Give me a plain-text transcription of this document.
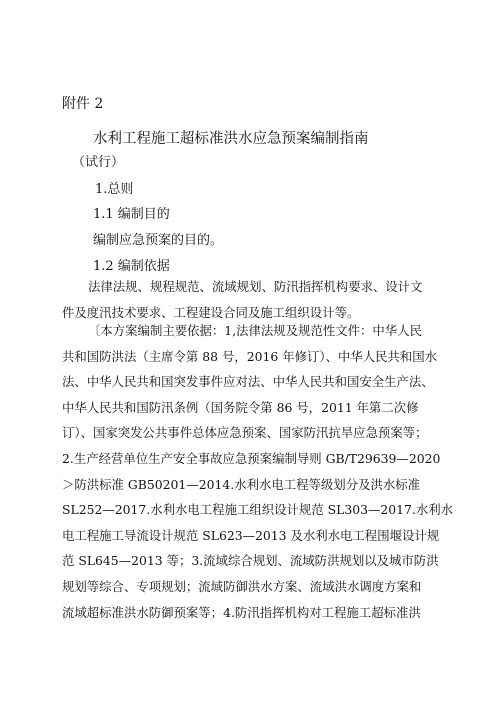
附件 2
水利工程施工超标准洪水应急预案编制指南
（试行）
1.总则
1.1 编制目的
编制应急预案的目的。
1.2 编制依据
法律法规、规程规范、流域规划、防汛指挥机构要求、设计文
件及度汛技术要求、工程建设合同及施工组织设计等。
〔本方案编制主要依据：1,法律法规及规范性文件：中华人民
共和国防洪法（主席令第 88 号，2016 年修订）、中华人民共和国水
法、中华人民共和国突发事件应对法、中华人民共和国安全生产法、
中华人民共和国防汛条例（国务院令第 86 号，2011 年第二次修
订）、国家突发公共事件总体应急预案、国家防汛抗旱应急预案等；
2.生产经营单位生产安全事故应急预案编制导则 GB/T29639—2020
＞防洪标准 GB50201—2014.水利水电工程等级划分及洪水标准
SL252—2017.水利水电工程施工组织设计规范 SL303—2017.水利水
电工程施工导流设计规范 SL623—2013 及水利水电工程围堰设计规
范 SL645—2013 等；3.流域综合规划、流域防洪规划以及城市防洪
规划等综合、专项规划；流域防御洪水方案、流域洪水调度方案和
流域超标准洪水防御预案等；4.防汛指挥机构对工程施工超标准洪
